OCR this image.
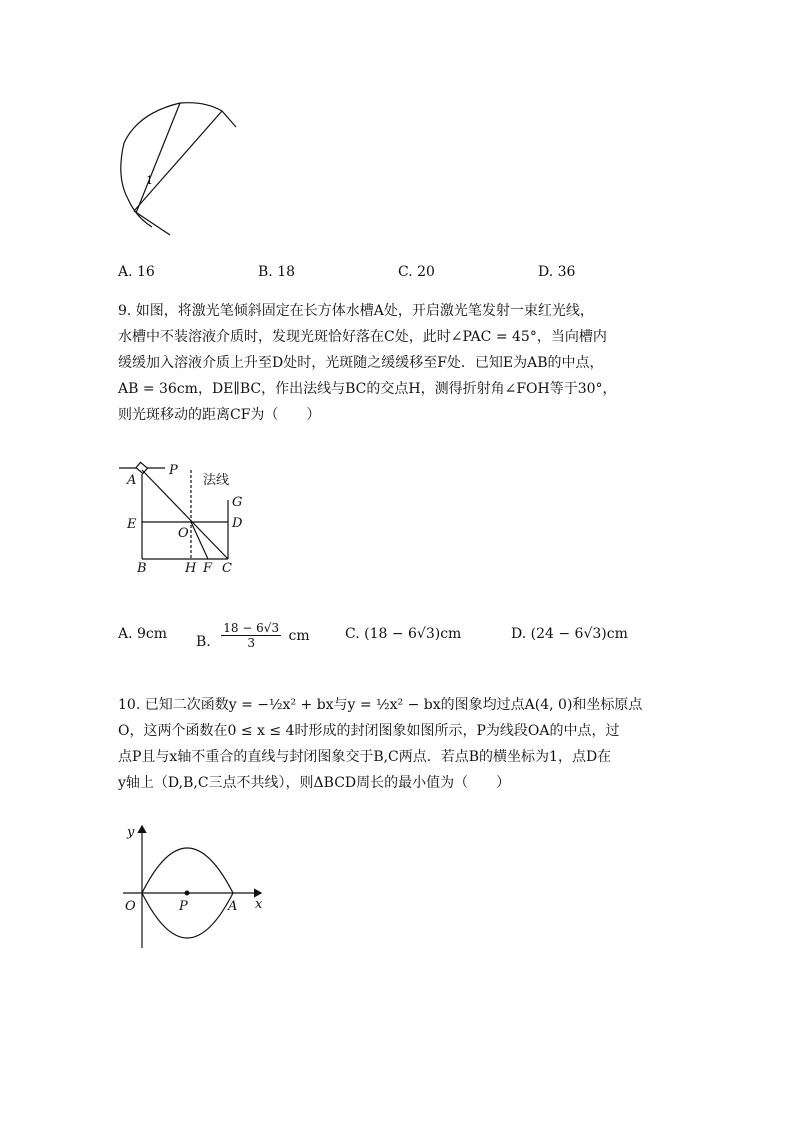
1
A. 16	B. 18	C. 20	D. 36
9. 如图，将激光笔倾斜固定在长方体水槽A处，开启激光笔发射一束红光线，
水槽中不装溶液介质时，发现光斑恰好落在C处，此时∠PAC = 45°，当向槽内
缓缓加入溶液介质上升至D处时，光斑随之缓缓移至F处．已知E为AB的中点，
AB = 36cm，DE∥BC，作出法线与BC的交点H，测得折射角∠FOH等于30°，
则光斑移动的距离CF为（　　）
A
P
法线
G
E	D
O
B	H F C
A. 9cm B. $\frac{18 - 6√3}{3}$ cm	C. (18 − 6√3)cm	D. (24 − 6√3)cm
10. 已知二次函数y = −½x² + bx与y = ½x² − bx的图象均过点A(4, 0)和坐标原点
O，这两个函数在0 ≤ x ≤ 4时形成的封闭图象如图所示，P为线段OA的中点，过
点P且与x轴不重合的直线与封闭图象交于B,C两点．若点B的横坐标为1，点D在
y轴上（D,B,C三点不共线），则ΔBCD周长的最小值为（　　）
y
x
O	P	A
